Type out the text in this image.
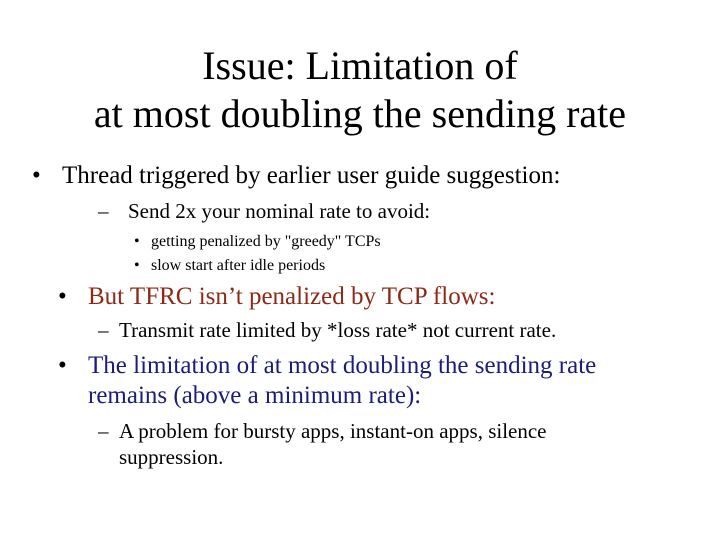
Issue: Limitation of
at most doubling the sending rate
• Thread triggered by earlier user guide suggestion:
– Send 2x your nominal rate to avoid:
• getting penalized by "greedy" TCPs
• slow start after idle periods
• But TFRC isn’t penalized by TCP flows:
– Transmit rate limited by *loss rate* not current rate.
• The limitation of at most doubling the sending rate
remains (above a minimum rate):
– A problem for bursty apps, instant-on apps, silence
suppression.
